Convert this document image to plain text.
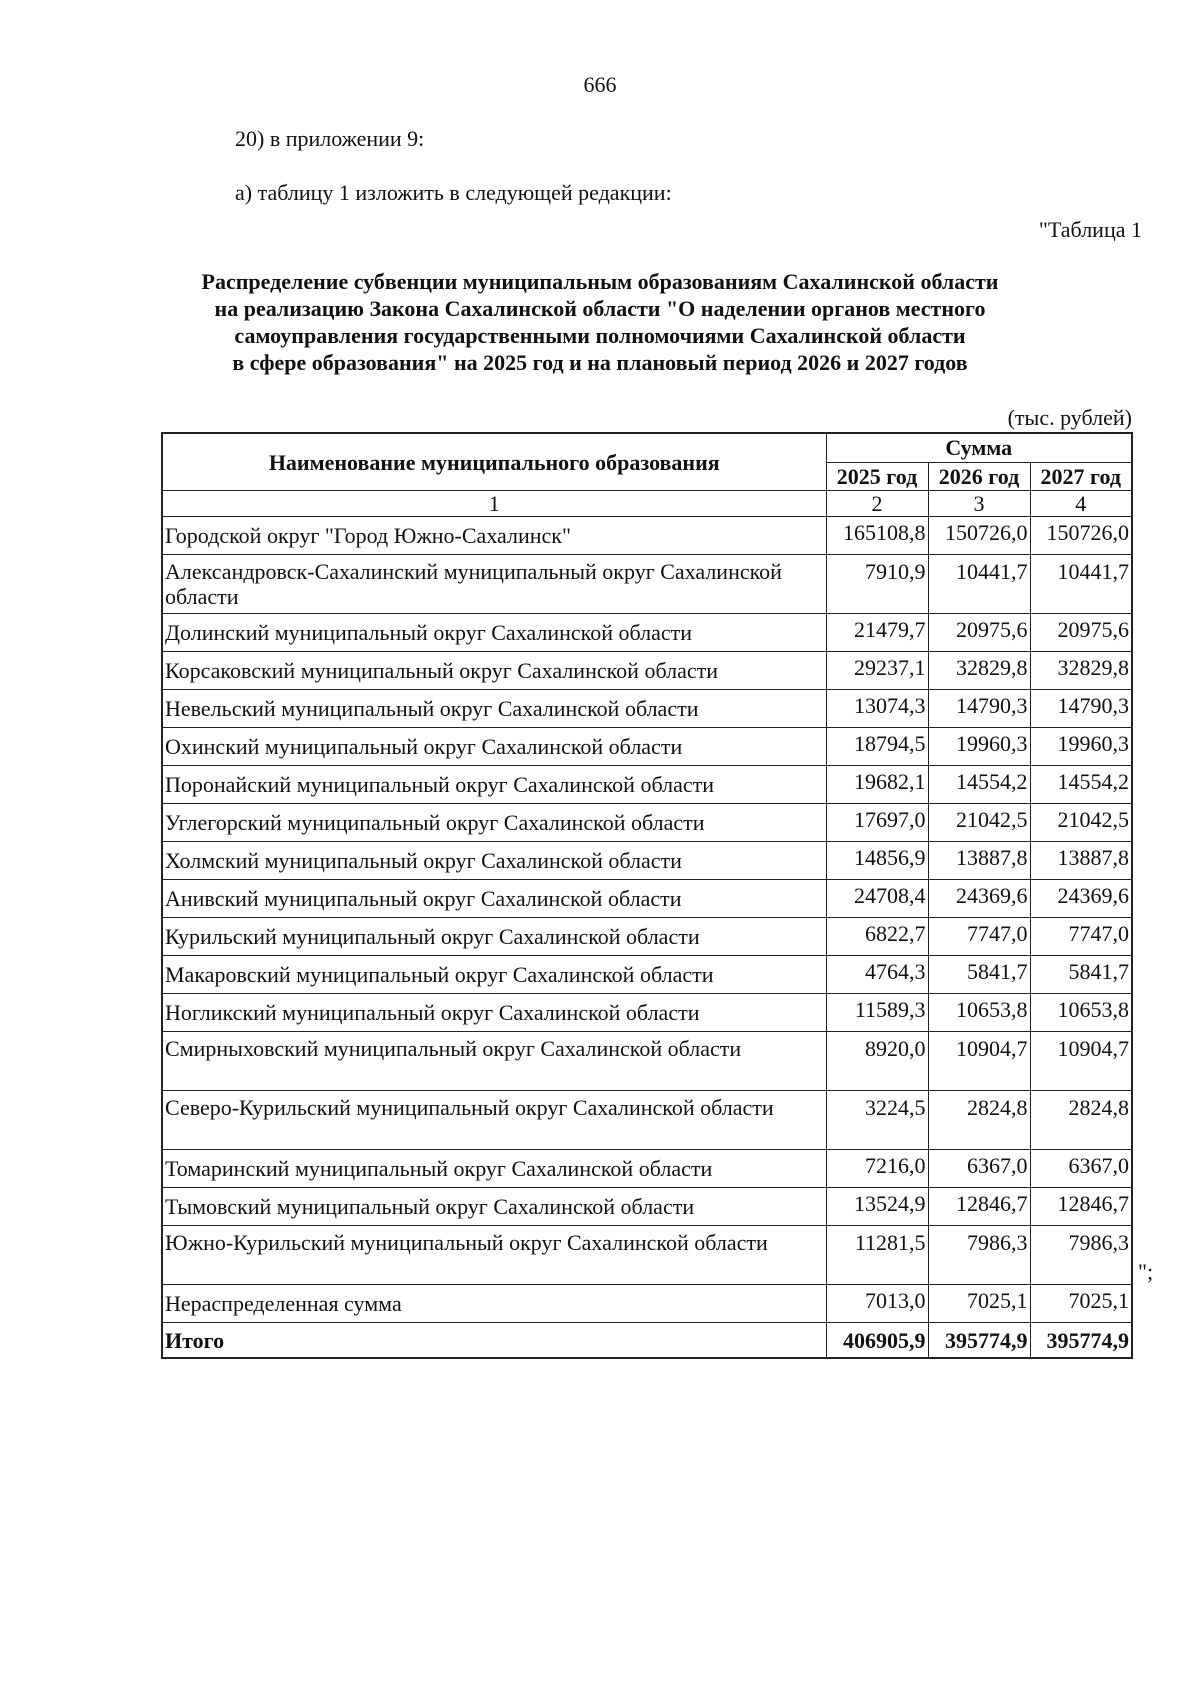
666
20) в приложении 9:
а) таблицу 1 изложить в следующей редакции:
"Таблица 1
Распределение субвенции муниципальным образованиям Сахалинской области
на реализацию Закона Сахалинской области "О наделении органов местного
самоуправления государственными полномочиями Сахалинской области
в сфере образования" на 2025 год и на плановый период 2026 и 2027 годов
(тыс. рублей)
Наименование муниципального образования	Сумма		
	2025 год	2026 год	2027 год
1	2	3	4
Городской округ "Город Южно-Сахалинск"	165108,8	150726,0	150726,0
Александровск-Сахалинский муниципальный округ Сахалинской области	7910,9	10441,7	10441,7
Долинский муниципальный округ Сахалинской области	21479,7	20975,6	20975,6
Корсаковский муниципальный округ Сахалинской области	29237,1	32829,8	32829,8
Невельский муниципальный округ Сахалинской области	13074,3	14790,3	14790,3
Охинский муниципальный округ Сахалинской области	18794,5	19960,3	19960,3
Поронайский муниципальный округ Сахалинской области	19682,1	14554,2	14554,2
Углегорский муниципальный округ Сахалинской области	17697,0	21042,5	21042,5
Холмский муниципальный округ Сахалинской области	14856,9	13887,8	13887,8
Анивский муниципальный округ Сахалинской области	24708,4	24369,6	24369,6
Курильский муниципальный округ Сахалинской области	6822,7	7747,0	7747,0
Макаровский муниципальный округ Сахалинской области	4764,3	5841,7	5841,7
Ногликский муниципальный округ Сахалинской области	11589,3	10653,8	10653,8
Смирныховский муниципальный округ Сахалинской области	8920,0	10904,7	10904,7
Северо-Курильский муниципальный округ Сахалинской области	3224,5	2824,8	2824,8
Томаринский муниципальный округ Сахалинской области	7216,0	6367,0	6367,0
Тымовский муниципальный округ Сахалинской области	13524,9	12846,7	12846,7
Южно-Курильский муниципальный округ Сахалинской области	11281,5	7986,3	7986,3
Нераспределенная сумма	7013,0	7025,1	7025,1
Итого	406905,9	395774,9	395774,9
";
